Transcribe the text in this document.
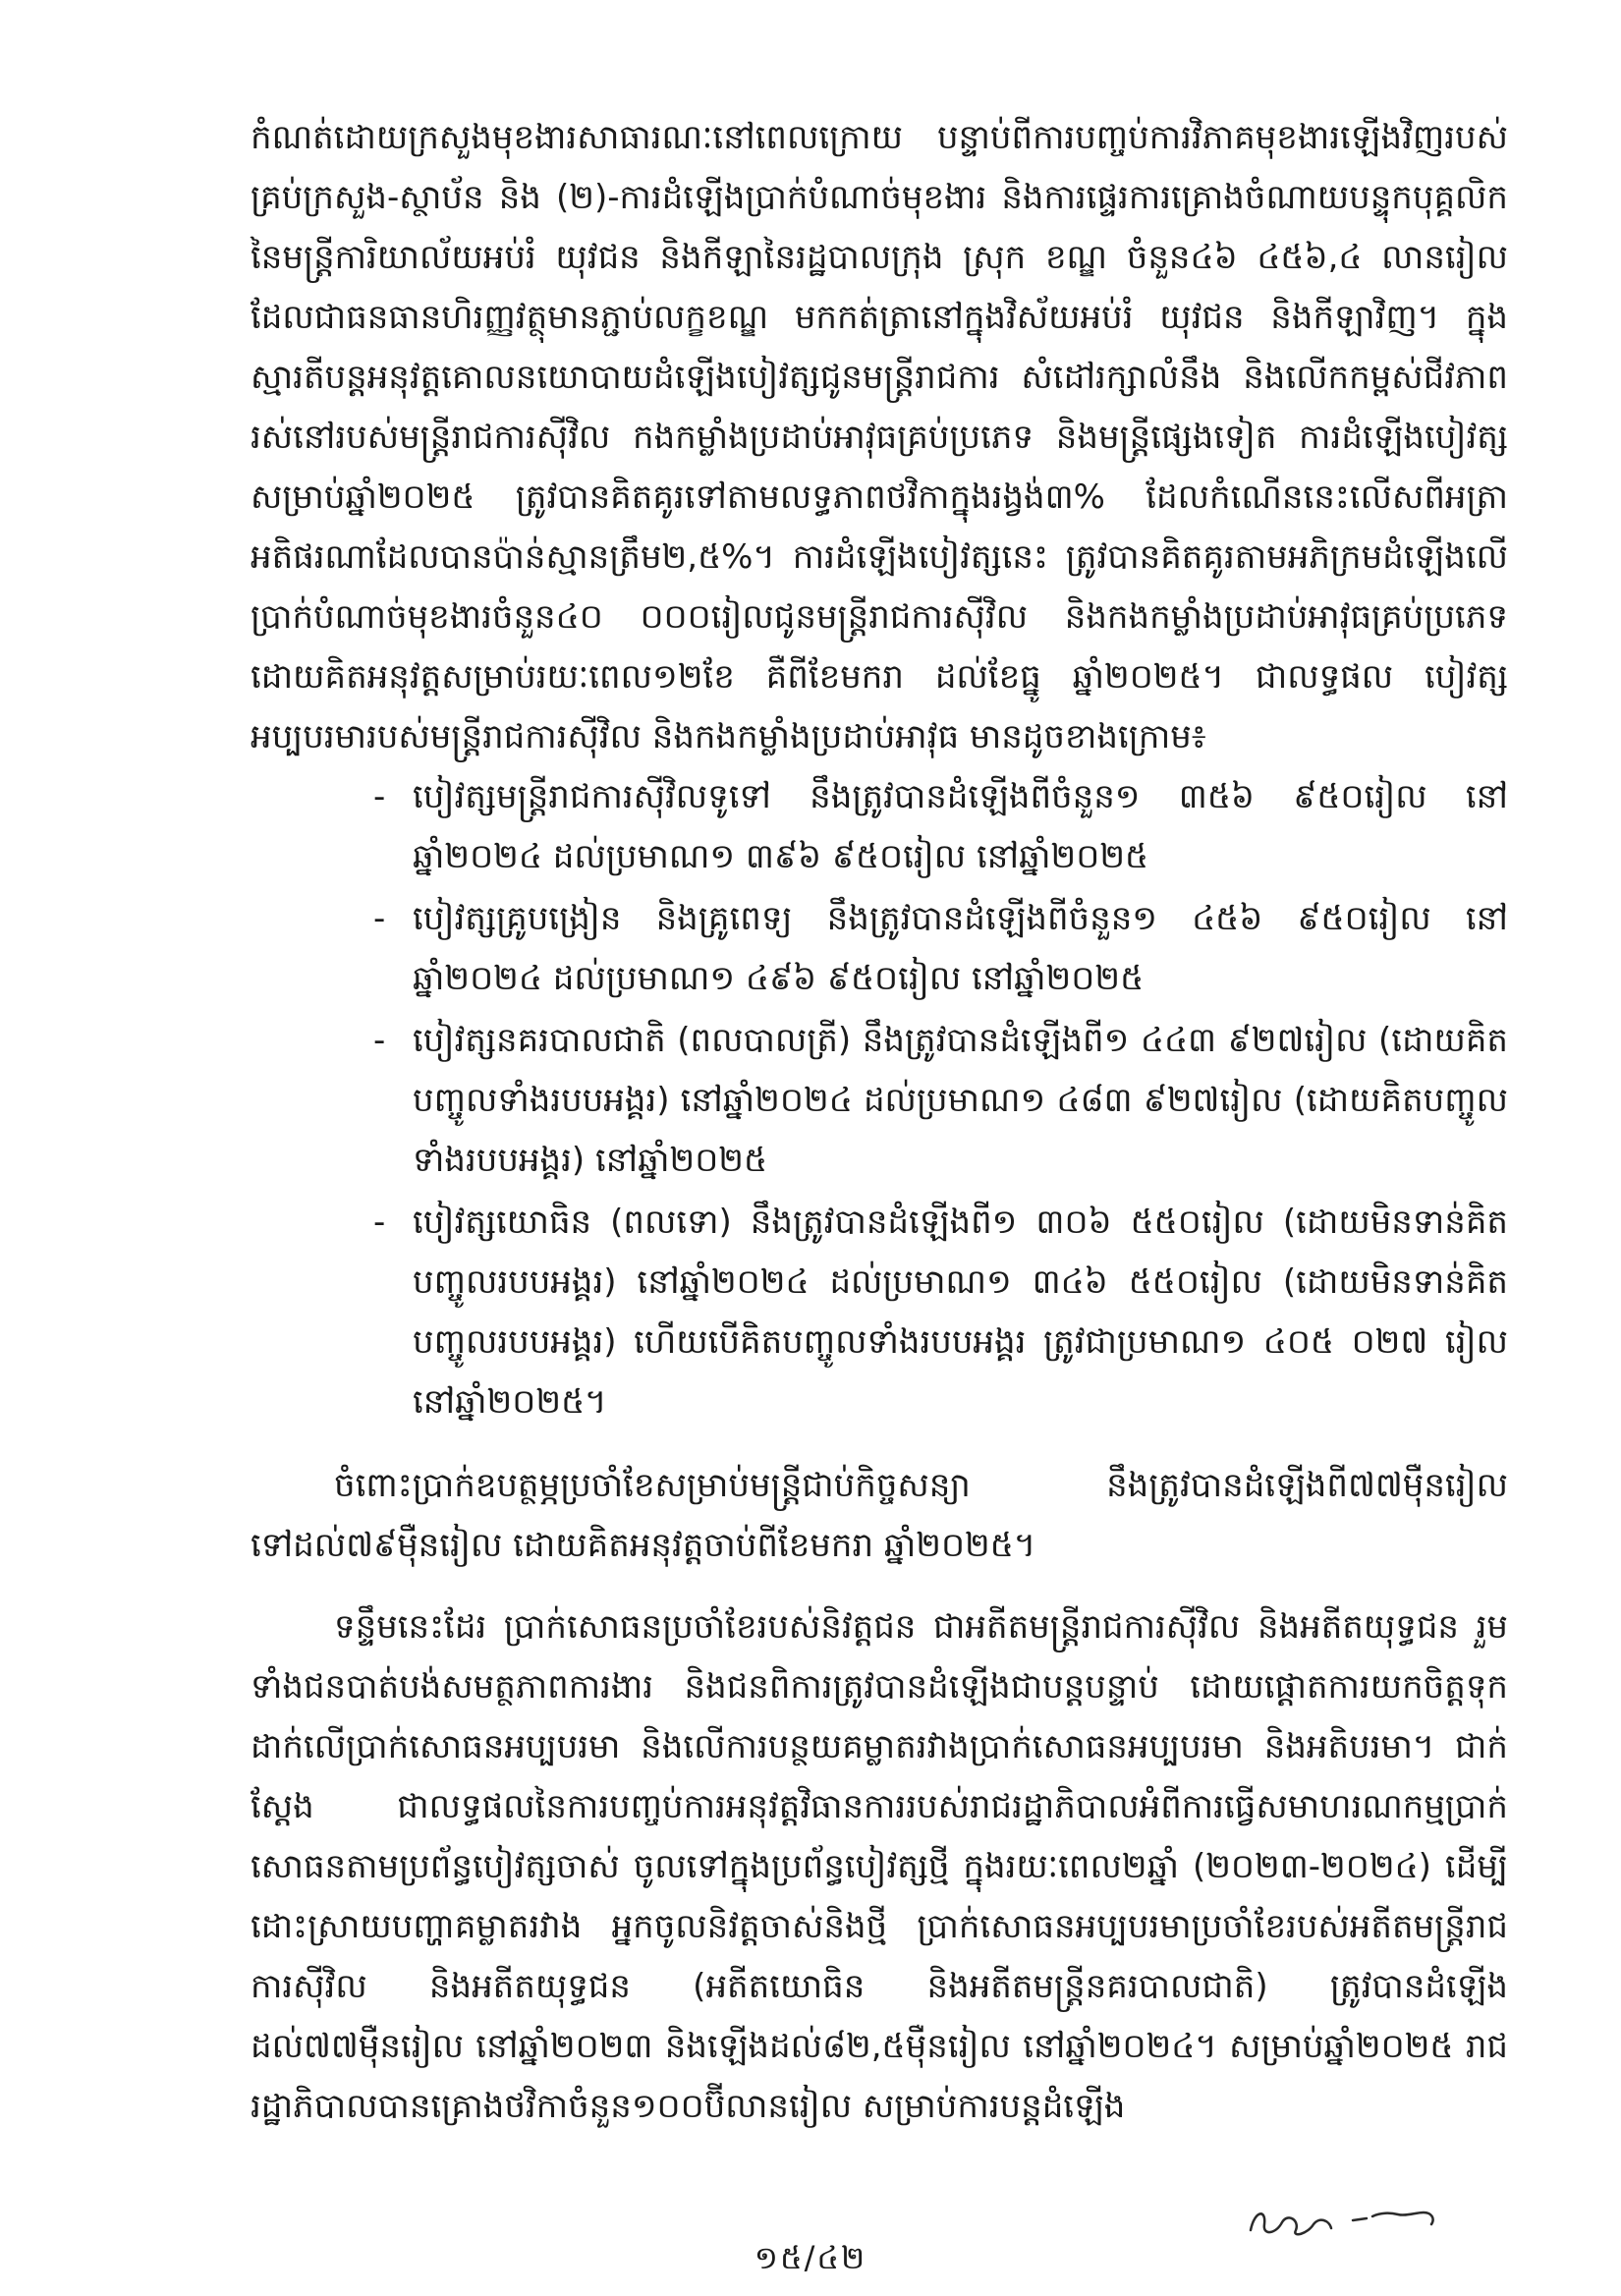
កំណត់ដោយក្រសួងមុខងារសាធារណៈនៅពេលក្រោយ បន្ទាប់ពីការបញ្ចប់ការវិភាគមុខងារឡើងវិញរបស់គ្រប់ក្រសួង-ស្ថាប័ន និង (២)-ការដំឡើងប្រាក់បំណាច់មុខងារ និងការផ្ទេរការគ្រោងចំណាយបន្ទុកបុគ្គលិកនៃមន្ត្រីការិយាល័យអប់រំ យុវជន និងកីឡានៃរដ្ឋបាលក្រុង ស្រុក ខណ្ឌ ចំនួន៤៦ ៤៥៦,៤ លានរៀល ដែលជាធនធានហិរញ្ញវត្ថុមានភ្ជាប់លក្ខខណ្ឌ មកកត់ត្រានៅក្នុងវិស័យអប់រំ យុវជន និងកីឡាវិញ។ ក្នុងស្មារតីបន្តអនុវត្តគោលនយោបាយដំឡើងបៀវត្សជូនមន្ត្រីរាជការ សំដៅរក្សាលំនឹង និងលើកកម្ពស់ជីវភាពរស់នៅរបស់មន្ត្រីរាជការស៊ីវិល កងកម្លាំងប្រដាប់អាវុធគ្រប់ប្រភេទ និងមន្ត្រីផ្សេងទៀត ការដំឡើងបៀវត្សសម្រាប់ឆ្នាំ២០២៥ ត្រូវបានគិតគូរទៅតាមលទ្ធភាពថវិកាក្នុងរង្វង់៣% ដែលកំណើននេះលើសពីអត្រាអតិផរណាដែលបានប៉ាន់ស្មានត្រឹម២,៥%។ ការដំឡើងបៀវត្សនេះ ត្រូវបានគិតគូរតាមអភិក្រមដំឡើងលើប្រាក់បំណាច់មុខងារចំនួន៤០ ០០០រៀលជូនមន្ត្រីរាជការស៊ីវិល និងកងកម្លាំងប្រដាប់អាវុធគ្រប់ប្រភេទ ដោយគិតអនុវត្តសម្រាប់រយៈពេល១២ខែ គឺពីខែមករា ដល់ខែធ្នូ ឆ្នាំ២០២៥។ ជាលទ្ធផល បៀវត្សអប្បបរមារបស់មន្ត្រីរាជការស៊ីវិល និងកងកម្លាំងប្រដាប់អាវុធ មានដូចខាងក្រោម៖

- បៀវត្សមន្ត្រីរាជការស៊ីវិលទូទៅ នឹងត្រូវបានដំឡើងពីចំនួន១ ៣៥៦ ៩៥០រៀល នៅឆ្នាំ២០២៤ ដល់ប្រមាណ១ ៣៩៦ ៩៥០រៀល នៅឆ្នាំ២០២៥
- បៀវត្សគ្រូបង្រៀន និងគ្រូពេទ្យ នឹងត្រូវបានដំឡើងពីចំនួន១ ៤៥៦ ៩៥០រៀល នៅឆ្នាំ២០២៤ ដល់ប្រមាណ១ ៤៩៦ ៩៥០រៀល នៅឆ្នាំ២០២៥
- បៀវត្សនគរបាលជាតិ (ពលបាលត្រី) នឹងត្រូវបានដំឡើងពី១ ៤៤៣ ៩២៧រៀល (ដោយគិតបញ្ចូលទាំងរបបអង្គរ) នៅឆ្នាំ២០២៤ ដល់ប្រមាណ១ ៤៨៣ ៩២៧រៀល (ដោយគិតបញ្ចូលទាំងរបបអង្គរ) នៅឆ្នាំ២០២៥
- បៀវត្សយោធិន (ពលទោ) នឹងត្រូវបានដំឡើងពី១ ៣០៦ ៥៥០រៀល (ដោយមិនទាន់គិតបញ្ចូលរបបអង្គរ) នៅឆ្នាំ២០២៤ ដល់ប្រមាណ១ ៣៤៦ ៥៥០រៀល (ដោយមិនទាន់គិតបញ្ចូលរបបអង្គរ) ហើយបើគិតបញ្ចូលទាំងរបបអង្គរ ត្រូវជាប្រមាណ១ ៤០៥ ០២៧ រៀល នៅឆ្នាំ២០២៥។

ចំពោះប្រាក់ឧបត្ថម្ភប្រចាំខែសម្រាប់មន្ត្រីជាប់កិច្ចសន្យា នឹងត្រូវបានដំឡើងពី៧៧ម៉ឺនរៀល ទៅដល់៧៩ម៉ឺនរៀល ដោយគិតអនុវត្តចាប់ពីខែមករា ឆ្នាំ២០២៥។

ទន្ទឹមនេះដែរ ប្រាក់សោធនប្រចាំខែរបស់និវត្តជន ជាអតីតមន្ត្រីរាជការស៊ីវិល និងអតីតយុទ្ធជន រួមទាំងជនបាត់បង់សមត្ថភាពការងារ និងជនពិការត្រូវបានដំឡើងជាបន្តបន្ទាប់ ដោយផ្ដោតការយកចិត្តទុកដាក់លើប្រាក់សោធនអប្បបរមា និងលើការបន្ថយគម្លាតរវាងប្រាក់សោធនអប្បបរមា និងអតិបរមា។ ជាក់ស្ដែង ជាលទ្ធផលនៃការបញ្ចប់ការអនុវត្តវិធានការរបស់រាជរដ្ឋាភិបាលអំពីការធ្វើសមាហរណកម្មប្រាក់សោធនតាមប្រព័ន្ធបៀវត្សចាស់ ចូលទៅក្នុងប្រព័ន្ធបៀវត្សថ្មី ក្នុងរយៈពេល២ឆ្នាំ (២០២៣-២០២៤) ដើម្បីដោះស្រាយបញ្ហាគម្លាតរវាង អ្នកចូលនិវត្តចាស់និងថ្មី ប្រាក់សោធនអប្បបរមាប្រចាំខែរបស់អតីតមន្ត្រីរាជការស៊ីវិល និងអតីតយុទ្ធជន (អតីតយោធិន និងអតីតមន្ត្រីនគរបាលជាតិ) ត្រូវបានដំឡើងដល់៧៧ម៉ឺនរៀល នៅឆ្នាំ២០២៣ និងឡើងដល់៨២,៥ម៉ឺនរៀល នៅឆ្នាំ២០២៤។ សម្រាប់ឆ្នាំ២០២៥ រាជរដ្ឋាភិបាលបានគ្រោងថវិកាចំនួន១០០ប៊ីលានរៀល សម្រាប់ការបន្តដំឡើង

១៥/៤២
